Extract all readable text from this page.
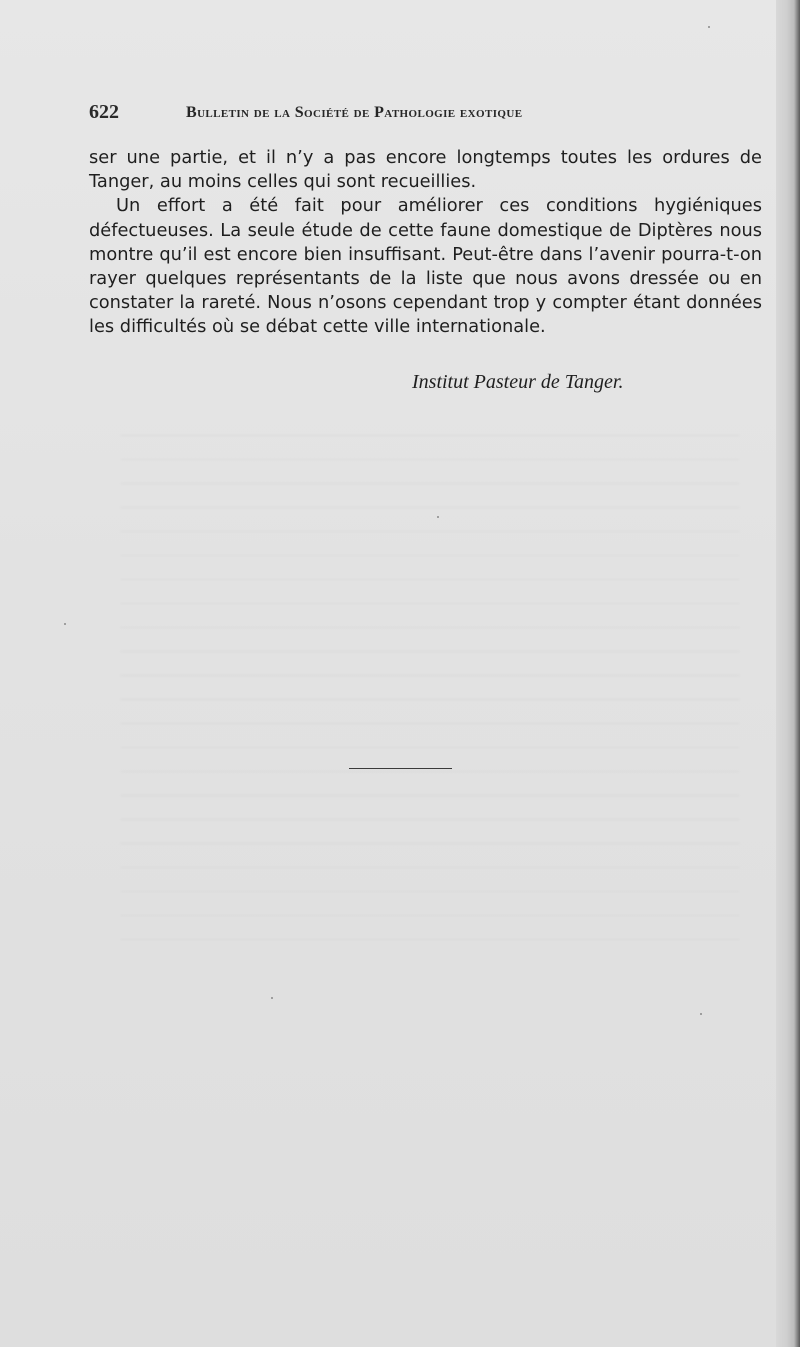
622	Bulletin de la Société de Pathologie exotique

ser une partie, et il n’y a pas encore longtemps toutes les ordures de Tanger, au moins celles qui sont recueillies.

Un effort a été fait pour améliorer ces conditions hygiéniques défectueuses. La seule étude de cette faune domestique de Diptères nous montre qu’il est encore bien insuffisant. Peut-être dans l’avenir pourra-t-on rayer quelques représentants de la liste que nous avons dressée ou en constater la rareté. Nous n’osons cependant trop y compter étant données les difficultés où se débat cette ville internationale.

Institut Pasteur de Tanger.
